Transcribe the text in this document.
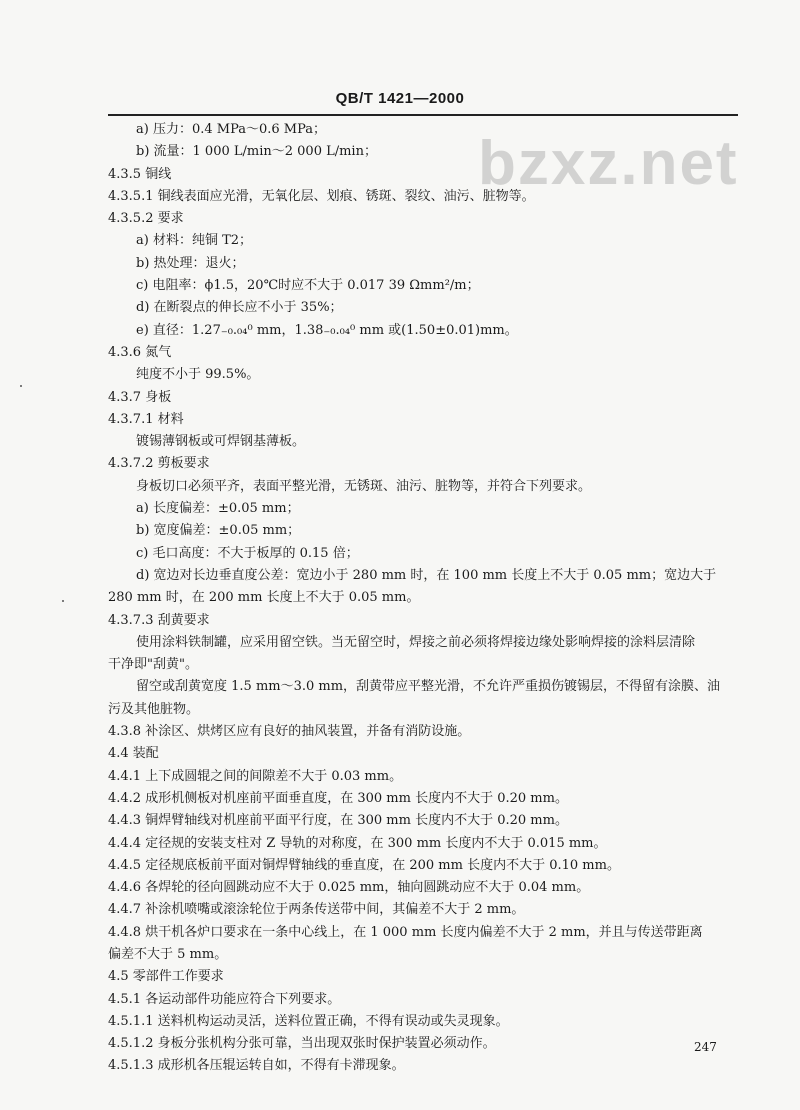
QB/T 1421—2000
bzxz.net
a) 压力：0.4 MPa～0.6 MPa；
b) 流量：1 000 L/min～2 000 L/min；
4.3.5 铜线
4.3.5.1 铜线表面应光滑，无氧化层、划痕、锈斑、裂纹、油污、脏物等。
4.3.5.2 要求
a) 材料：纯铜 T2；
b) 热处理：退火；
c) 电阻率：ϕ1.5，20℃时应不大于 0.017 39 Ωmm²/m；
d) 在断裂点的伸长应不小于 35%；
e) 直径：1.27₋₀.₀₄⁰ mm，1.38₋₀.₀₄⁰ mm 或(1.50±0.01)mm。
4.3.6 氮气
纯度不小于 99.5%。
4.3.7 身板
4.3.7.1 材料
镀锡薄钢板或可焊钢基薄板。
4.3.7.2 剪板要求
身板切口必须平齐，表面平整光滑，无锈斑、油污、脏物等，并符合下列要求。
a) 长度偏差：±0.05 mm；
b) 宽度偏差：±0.05 mm；
c) 毛口高度：不大于板厚的 0.15 倍；
d) 宽边对长边垂直度公差：宽边小于 280 mm 时，在 100 mm 长度上不大于 0.05 mm；宽边大于
280 mm 时，在 200 mm 长度上不大于 0.05 mm。
4.3.7.3 刮黄要求
使用涂料铁制罐，应采用留空铁。当无留空时，焊接之前必须将焊接边缘处影响焊接的涂料层清除
干净即"刮黄"。
留空或刮黄宽度 1.5 mm～3.0 mm，刮黄带应平整光滑，不允许严重损伤镀锡层，不得留有涂膜、油
污及其他脏物。
4.3.8 补涂区、烘烤区应有良好的抽风装置，并备有消防设施。
4.4 装配
4.4.1 上下成圆辊之间的间隙差不大于 0.03 mm。
4.4.2 成形机侧板对机座前平面垂直度，在 300 mm 长度内不大于 0.20 mm。
4.4.3 铜焊臂轴线对机座前平面平行度，在 300 mm 长度内不大于 0.20 mm。
4.4.4 定径规的安装支柱对 Z 导轨的对称度，在 300 mm 长度内不大于 0.015 mm。
4.4.5 定径规底板前平面对铜焊臂轴线的垂直度，在 200 mm 长度内不大于 0.10 mm。
4.4.6 各焊轮的径向圆跳动应不大于 0.025 mm，轴向圆跳动应不大于 0.04 mm。
4.4.7 补涂机喷嘴或滚涂轮位于两条传送带中间，其偏差不大于 2 mm。
4.4.8 烘干机各炉口要求在一条中心线上，在 1 000 mm 长度内偏差不大于 2 mm，并且与传送带距离
偏差不大于 5 mm。
4.5 零部件工作要求
4.5.1 各运动部件功能应符合下列要求。
4.5.1.1 送料机构运动灵活，送料位置正确，不得有误动或失灵现象。
4.5.1.2 身板分张机构分张可靠，当出现双张时保护装置必须动作。
4.5.1.3 成形机各压辊运转自如，不得有卡滞现象。
247
